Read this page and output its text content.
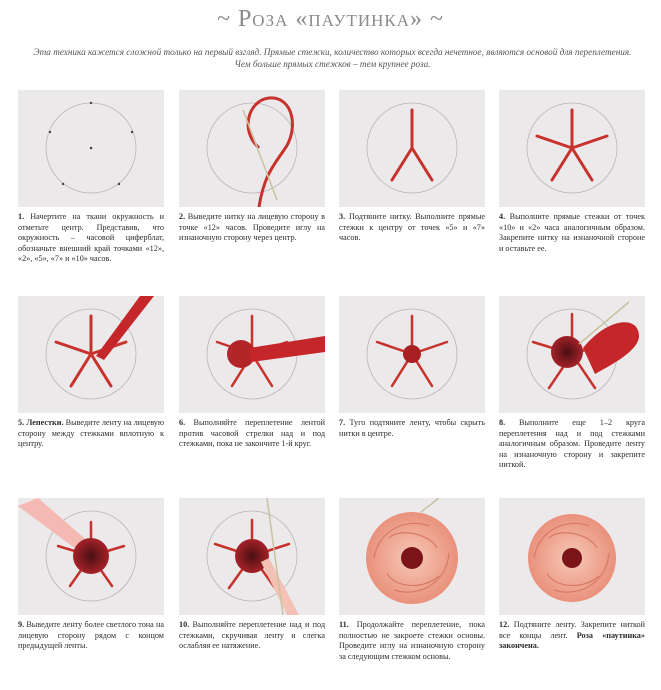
~ Роза «паутинка» ~
Эта техника кажется сложной только на первый взгляд. Прямые стежки, количество которых всегда нечетное, являются основой для переплетения. Чем больше прямых стежков – тем крупнее роза.
1. Начертите на ткани окружность и отметьте центр. Представив, что окружность – часовой циферблат, обозначьте внешний край точками «12», «2», «5», «7» и «10» часов.
2. Выведите нитку на лицевую сторону в точке «12» часов. Проведите иглу на изнаночную сторону через центр.
3. Подтяните нитку. Выполните прямые стежки к центру от точек «5» и «7» часов.
4. Выполните прямые стежки от точек «10» и «2» часа аналогичным образом. Закрепите нитку на изнаночной стороне и оставьте ее.
5. Лепестки. Выведите ленту на лицевую сторону между стежками вплотную к центру.
6. Выполняйте переплетение лентой против часовой стрелки над и под стежками, пока не закончите 1-й круг.
7. Туго подтяните ленту, чтобы скрыть нитки в центре.
8. Выполните еще 1–2 круга переплетения над и под стежками аналогичным образом. Проведите ленту на изнаночную сторону и закрепите ниткой.
9. Выведите ленту более светлого тона на лицевую сторону рядом с концом предыдущей ленты.
10. Выполняйте переплетение над и под стежками, скручивая ленту и слегка ослабляя ее натяжение.
11. Продолжайте переплетение, пока полностью не закроете стежки основы. Проведите иглу на изнаночную сторону за следующим стежком основы.
12. Подтяните ленту. Закрепите ниткой все концы лент. Роза «паутинка» закончена.
